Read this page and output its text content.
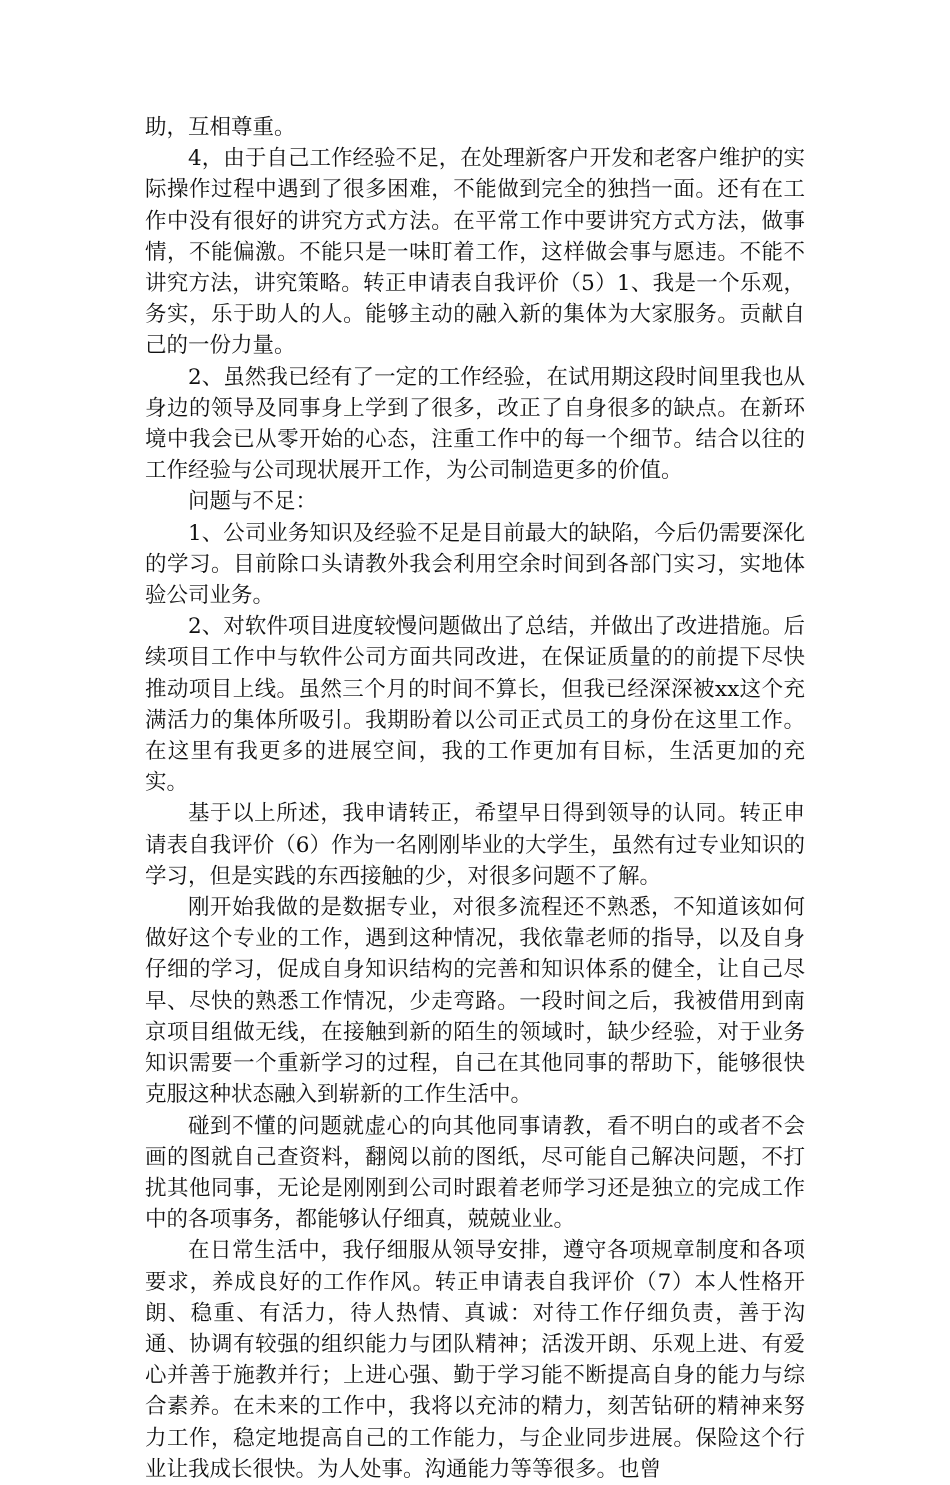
助，互相尊重。

4，由于自己工作经验不足，在处理新客户开发和老客户维护的实际操作过程中遇到了很多困难，不能做到完全的独挡一面。还有在工作中没有很好的讲究方式方法。在平常工作中要讲究方式方法，做事情，不能偏激。不能只是一味盯着工作，这样做会事与愿违。不能不讲究方法，讲究策略。转正申请表自我评价（5）1、我是一个乐观，务实，乐于助人的人。能够主动的融入新的集体为大家服务。贡献自己的一份力量。

2、虽然我已经有了一定的工作经验，在试用期这段时间里我也从身边的领导及同事身上学到了很多，改正了自身很多的缺点。在新环境中我会已从零开始的心态，注重工作中的每一个细节。结合以往的工作经验与公司现状展开工作，为公司制造更多的价值。

问题与不足：

1、公司业务知识及经验不足是目前最大的缺陷，今后仍需要深化的学习。目前除口头请教外我会利用空余时间到各部门实习，实地体验公司业务。

2、对软件项目进度较慢问题做出了总结，并做出了改进措施。后续项目工作中与软件公司方面共同改进，在保证质量的的前提下尽快推动项目上线。虽然三个月的时间不算长，但我已经深深被xx这个充满活力的集体所吸引。我期盼着以公司正式员工的身份在这里工作。在这里有我更多的进展空间，我的工作更加有目标，生活更加的充实。

基于以上所述，我申请转正，希望早日得到领导的认同。转正申请表自我评价（6）作为一名刚刚毕业的大学生，虽然有过专业知识的学习，但是实践的东西接触的少，对很多问题不了解。

刚开始我做的是数据专业，对很多流程还不熟悉，不知道该如何做好这个专业的工作，遇到这种情况，我依靠老师的指导，以及自身仔细的学习，促成自身知识结构的完善和知识体系的健全，让自己尽早、尽快的熟悉工作情况，少走弯路。一段时间之后，我被借用到南京项目组做无线，在接触到新的陌生的领域时，缺少经验，对于业务知识需要一个重新学习的过程，自己在其他同事的帮助下，能够很快克服这种状态融入到崭新的工作生活中。

碰到不懂的问题就虚心的向其他同事请教，看不明白的或者不会画的图就自己查资料，翻阅以前的图纸，尽可能自己解决问题，不打扰其他同事，无论是刚刚到公司时跟着老师学习还是独立的完成工作中的各项事务，都能够认仔细真，兢兢业业。

在日常生活中，我仔细服从领导安排，遵守各项规章制度和各项要求，养成良好的工作作风。转正申请表自我评价（7）本人性格开朗、稳重、有活力，待人热情、真诚：对待工作仔细负责，善于沟通、协调有较强的组织能力与团队精神；活泼开朗、乐观上进、有爱心并善于施教并行；上进心强、勤于学习能不断提高自身的能力与综合素养。在未来的工作中，我将以充沛的精力，刻苦钻研的精神来努力工作，稳定地提高自己的工作能力，与企业同步进展。保险这个行业让我成长很快。为人处事。沟通能力等等很多。也曾
